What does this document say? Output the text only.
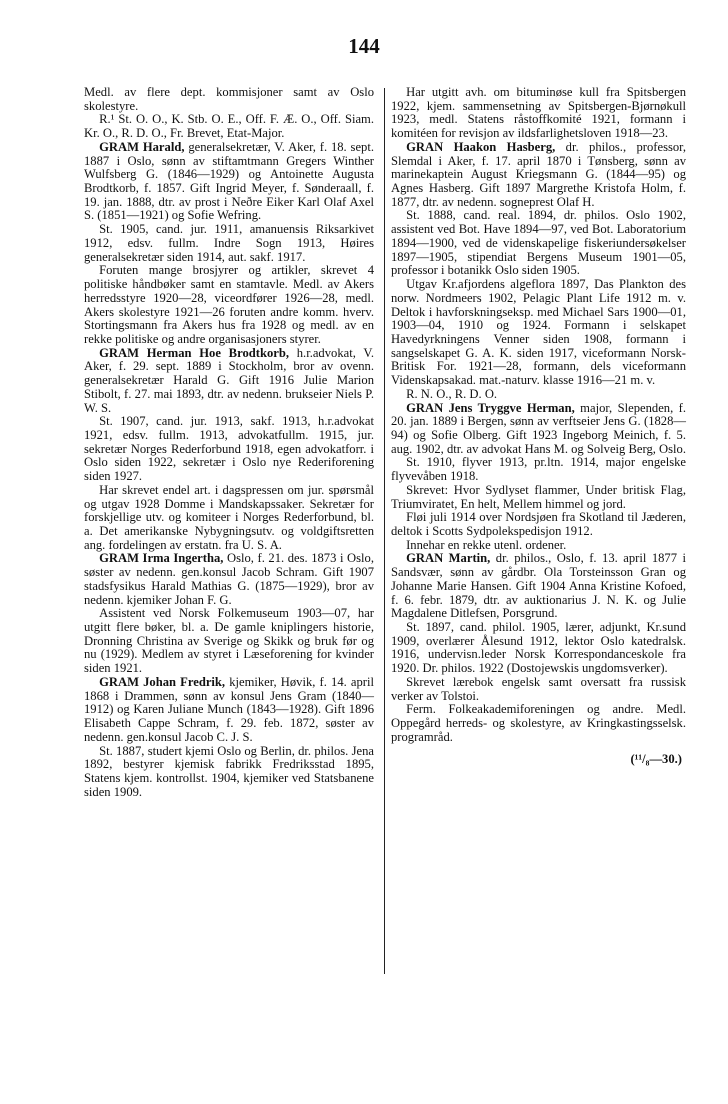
144

Medl. av flere dept. kommisjoner samt av Oslo skolestyre.

R.¹ St. O. O., K. Stb. O. E., Off. F. Æ. O., Off. Siam. Kr. O., R. D. O., Fr. Brevet, Etat-Major.

GRAM Harald, generalsekretær, V. Aker, f. 18. sept. 1887 i Oslo, sønn av stiftamtmann Gregers Winther Wulfsberg G. (1846—1929) og Antoinette Augusta Brodtkorb, f. 1857. Gift Ingrid Meyer, f. Sønderaall, f. 19. jan. 1888, dtr. av prost i Neðre Eiker Karl Olaf Axel S. (1851—1921) og Sofie Wefring.

St. 1905, cand. jur. 1911, amanuensis Riksarkivet 1912, edsv. fullm. Indre Sogn 1913, Høires generalsekretær siden 1914, aut. sakf. 1917.

Foruten mange brosjyrer og artikler, skrevet 4 politiske håndbøker samt en stamtavle. Medl. av Akers herredsstyre 1920—28, viceordfører 1926—28, medl. Akers skolestyre 1921—26 foruten andre komm. hverv. Stortingsmann fra Akers hus fra 1928 og medl. av en rekke politiske og andre organisasjoners styrer.

GRAM Herman Hoe Brodtkorb, h.r.advokat, V. Aker, f. 29. sept. 1889 i Stockholm, bror av ovenn. generalsekretær Harald G. Gift 1916 Julie Marion Stibolt, f. 27. mai 1893, dtr. av nedenn. brukseier Niels P. W. S.

St. 1907, cand. jur. 1913, sakf. 1913, h.r.advokat 1921, edsv. fullm. 1913, advokatfullm. 1915, jur. sekretær Norges Rederforbund 1918, egen advokatforr. i Oslo siden 1922, sekretær i Oslo nye Rederiforening siden 1927.

Har skrevet endel art. i dagspressen om jur. spørsmål og utgav 1928 Domme i Mandskapssaker. Sekretær for forskjellige utv. og komiteer i Norges Rederforbund, bl. a. Det amerikanske Nybygningsutv. og voldgiftsretten ang. fordelingen av erstatn. fra U. S. A.

GRAM Irma Ingertha, Oslo, f. 21. des. 1873 i Oslo, søster av nedenn. gen.konsul Jacob Schram. Gift 1907 stadsfysikus Harald Mathias G. (1875—1929), bror av nedenn. kjemiker Johan F. G.

Assistent ved Norsk Folkemuseum 1903—07, har utgitt flere bøker, bl. a. De gamle kniplingers historie, Dronning Christina av Sverige og Skikk og bruk før og nu (1929). Medlem av styret i Læseforening for kvinder siden 1921.

GRAM Johan Fredrik, kjemiker, Høvik, f. 14. april 1868 i Drammen, sønn av konsul Jens Gram (1840—1912) og Karen Juliane Munch (1843—1928). Gift 1896 Elisabeth Cappe Schram, f. 29. feb. 1872, søster av nedenn. gen.konsul Jacob C. J. S.

St. 1887, studert kjemi Oslo og Berlin, dr. philos. Jena 1892, bestyrer kjemisk fabrikk Fredriksstad 1895, Statens kjem. kontrollst. 1904, kjemiker ved Statsbanene siden 1909.

Har utgitt avh. om bituminøse kull fra Spitsbergen 1922, kjem. sammensetning av Spitsbergen-Bjørnøkull 1923, medl. Statens råstoffkomité 1921, formann i komitéen for revisjon av ildsfarlighetsloven 1918—23.

GRAN Haakon Hasberg, dr. philos., professor, Slemdal i Aker, f. 17. april 1870 i Tønsberg, sønn av marinekaptein August Kriegsmann G. (1844—95) og Agnes Hasberg. Gift 1897 Margrethe Kristofa Holm, f. 1877, dtr. av nedenn. sogneprest Olaf H.

St. 1888, cand. real. 1894, dr. philos. Oslo 1902, assistent ved Bot. Have 1894—97, ved Bot. Laboratorium 1894—1900, ved de videnskapelige fiskeriundersøkelser 1897—1905, stipendiat Bergens Museum 1901—05, professor i botanikk Oslo siden 1905.

Utgav Kr.afjordens algeflora 1897, Das Plankton des norw. Nordmeers 1902, Pelagic Plant Life 1912 m. v. Deltok i havforskningseksp. med Michael Sars 1900—01, 1903—04, 1910 og 1924. Formann i selskapet Havedyrkningens Venner siden 1908, formann i sangselskapet G. A. K. siden 1917, viceformann Norsk-Britisk For. 1921—28, formann, dels viceformann Videnskapsakad. mat.-naturv. klasse 1916—21 m. v.

R. N. O., R. D. O.

GRAN Jens Tryggve Herman, major, Slependen, f. 20. jan. 1889 i Bergen, sønn av verftseier Jens G. (1828—94) og Sofie Olberg. Gift 1923 Ingeborg Meinich, f. 5. aug. 1902, dtr. av advokat Hans M. og Solveig Berg, Oslo.

St. 1910, flyver 1913, pr.ltn. 1914, major engelske flyvevåben 1918.

Skrevet: Hvor Sydlyset flammer, Under britisk Flag, Triumviratet, En helt, Mellem himmel og jord.

Fløi juli 1914 over Nordsjøen fra Skotland til Jæderen, deltok i Scotts Sydpolekspedisjon 1912.

Innehar en rekke utenl. ordener.

GRAN Martin, dr. philos., Oslo, f. 13. april 1877 i Sandsvær, sønn av gårdbr. Ola Torsteinsson Gran og Johanne Marie Hansen. Gift 1904 Anna Kristine Kofoed, f. 6. febr. 1879, dtr. av auktionarius J. N. K. og Julie Magdalene Ditlefsen, Porsgrund.

St. 1897, cand. philol. 1905, lærer, adjunkt, Kr.sund 1909, overlærer Ålesund 1912, lektor Oslo katedralsk. 1916, undervisn.leder Norsk Korrespondanceskole fra 1920. Dr. philos. 1922 (Dostojewskis ungdomsverker).

Skrevet lærebok engelsk samt oversatt fra russisk verker av Tolstoi.

Ferm. Folkeakademiforeningen og andre. Medl. Oppegård herreds- og skolestyre, av Kringkastingsselsk. programråd.

(¹¹/₈—30.)
